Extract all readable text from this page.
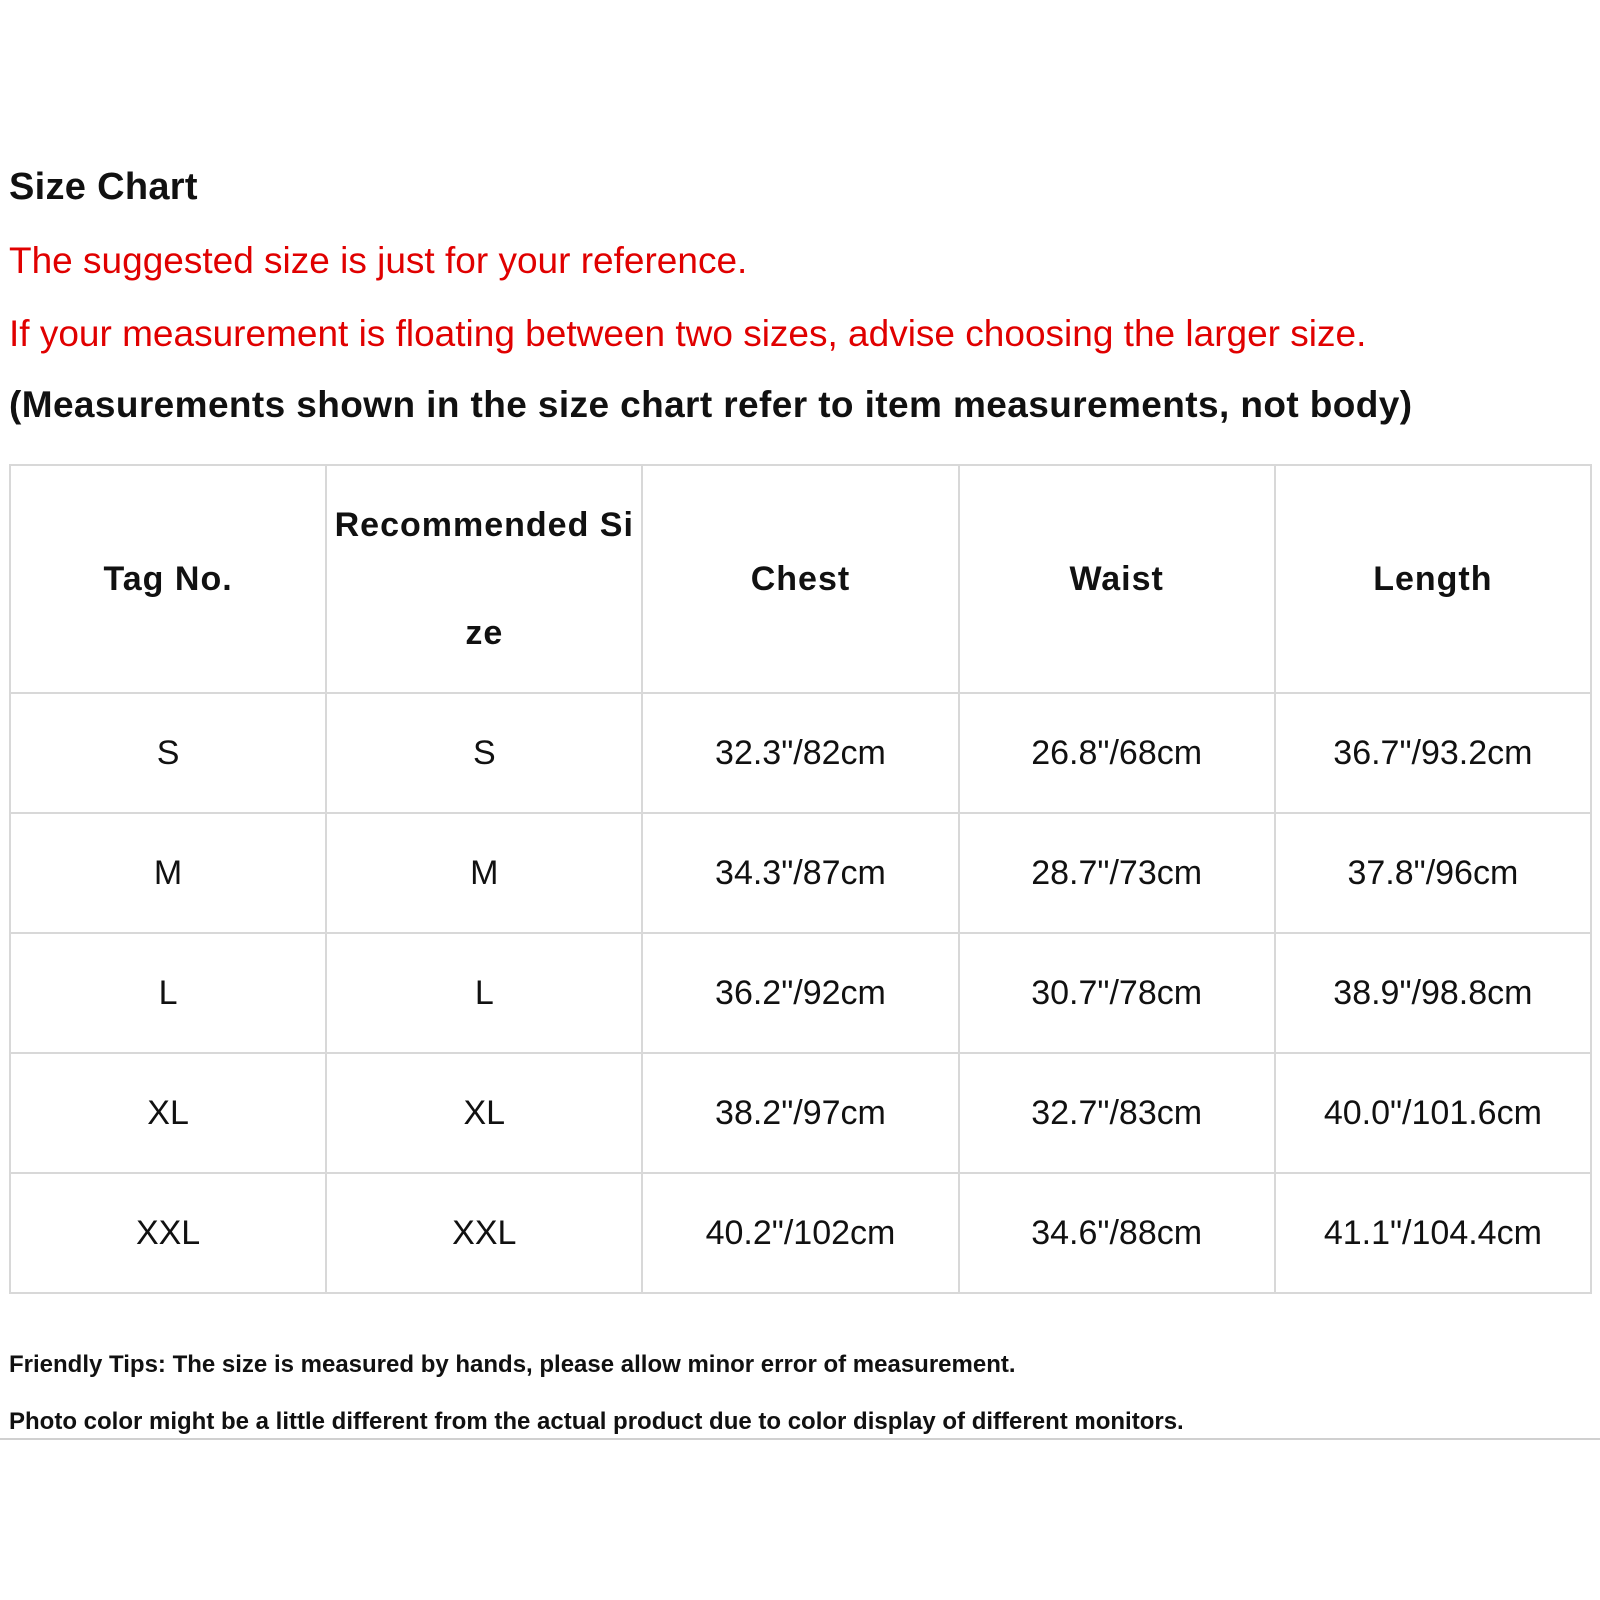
Size Chart
The suggested size is just for your reference.
If your measurement is floating between two sizes, advise choosing the larger size.
(Measurements shown in the size chart refer to item measurements, not body)
Tag No.	Recommended Size	Chest	Waist	Length
S	S	32.3"/82cm	26.8"/68cm	36.7"/93.2cm
M	M	34.3"/87cm	28.7"/73cm	37.8"/96cm
L	L	36.2"/92cm	30.7"/78cm	38.9"/98.8cm
XL	XL	38.2"/97cm	32.7"/83cm	40.0"/101.6cm
XXL	XXL	40.2"/102cm	34.6"/88cm	41.1"/104.4cm
Friendly Tips: The size is measured by hands, please allow minor error of measurement.
Photo color might be a little different from the actual product due to color display of different monitors.
